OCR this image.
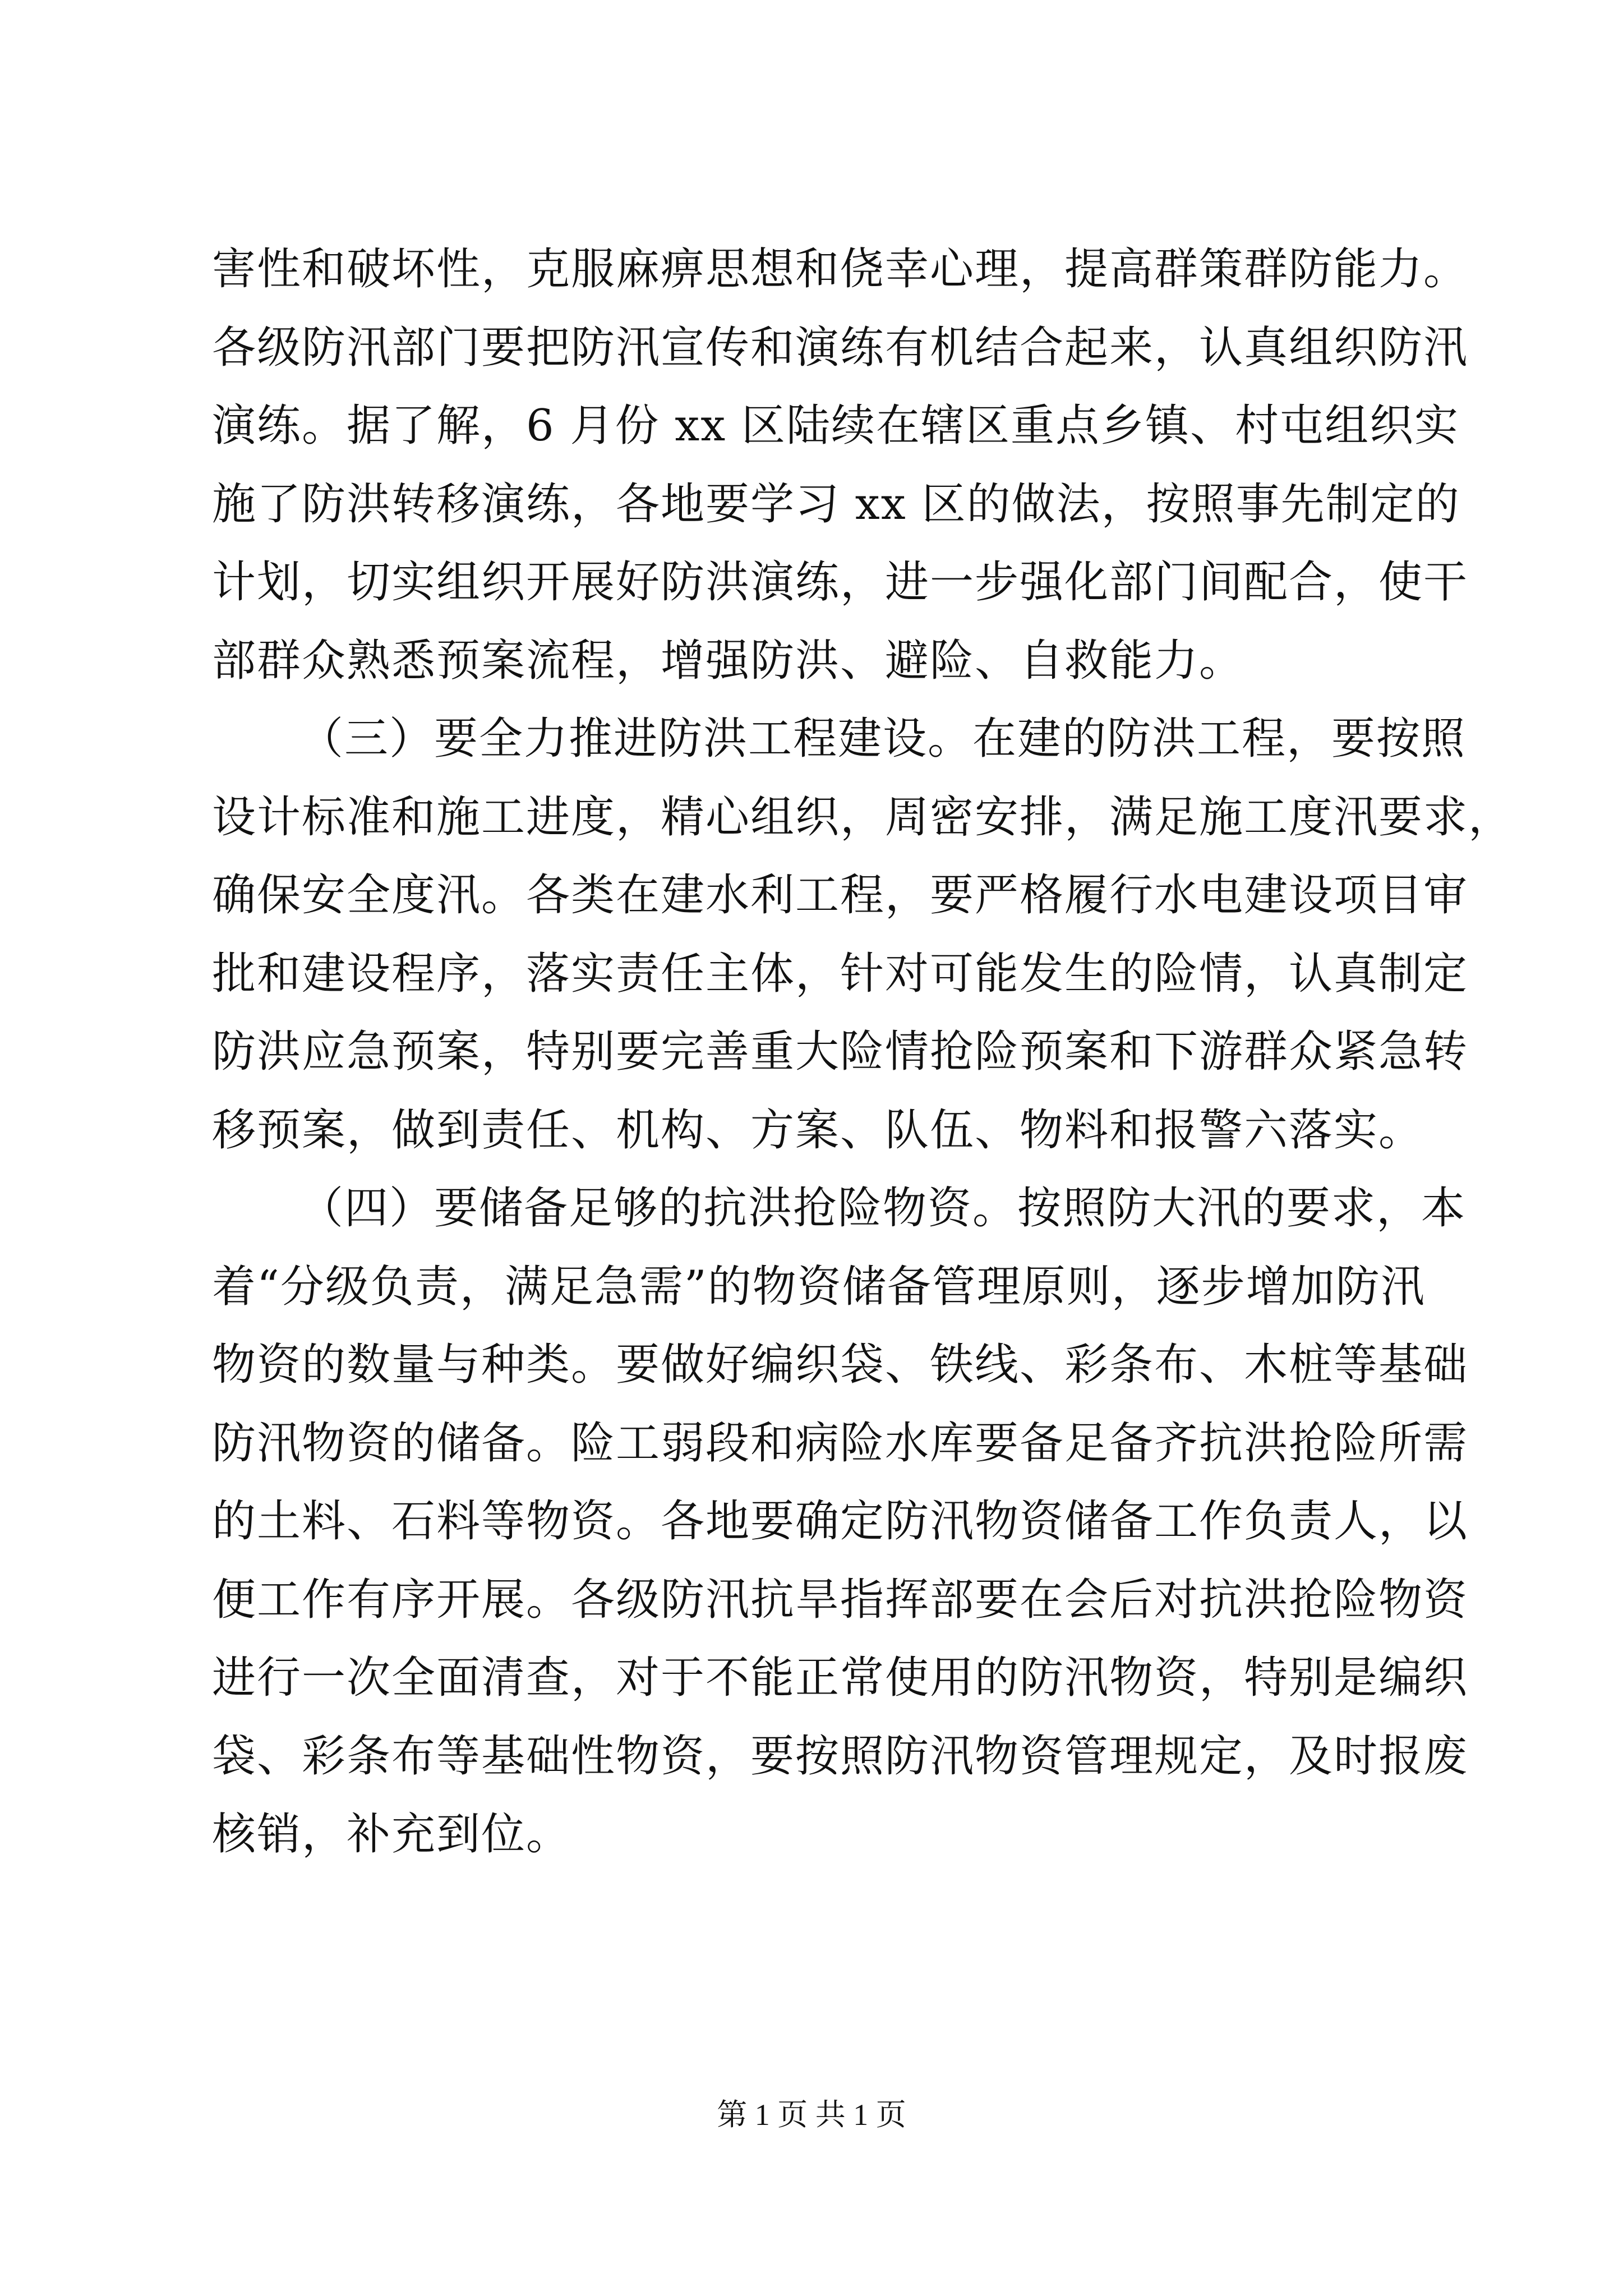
害性和破坏性，克服麻痹思想和侥幸心理，提高群策群防能力。
各级防汛部门要把防汛宣传和演练有机结合起来，认真组织防汛
演练。据了解，6 月份 xx 区陆续在辖区重点乡镇、村屯组织实
施了防洪转移演练，各地要学习 xx 区的做法，按照事先制定的
计划，切实组织开展好防洪演练，进一步强化部门间配合，使干
部群众熟悉预案流程，增强防洪、避险、自救能力。
（三）要全力推进防洪工程建设。在建的防洪工程，要按照
设计标准和施工进度，精心组织，周密安排，满足施工度汛要求，
确保安全度汛。各类在建水利工程，要严格履行水电建设项目审
批和建设程序，落实责任主体，针对可能发生的险情，认真制定
防洪应急预案，特别要完善重大险情抢险预案和下游群众紧急转
移预案，做到责任、机构、方案、队伍、物料和报警六落实。
（四）要储备足够的抗洪抢险物资。按照防大汛的要求，本
着“分级负责，满足急需”的物资储备管理原则，逐步增加防汛
物资的数量与种类。要做好编织袋、铁线、彩条布、木桩等基础
防汛物资的储备。险工弱段和病险水库要备足备齐抗洪抢险所需
的土料、石料等物资。各地要确定防汛物资储备工作负责人，以
便工作有序开展。各级防汛抗旱指挥部要在会后对抗洪抢险物资
进行一次全面清查，对于不能正常使用的防汛物资，特别是编织
袋、彩条布等基础性物资，要按照防汛物资管理规定，及时报废
核销，补充到位。
第 1 页 共 1 页
